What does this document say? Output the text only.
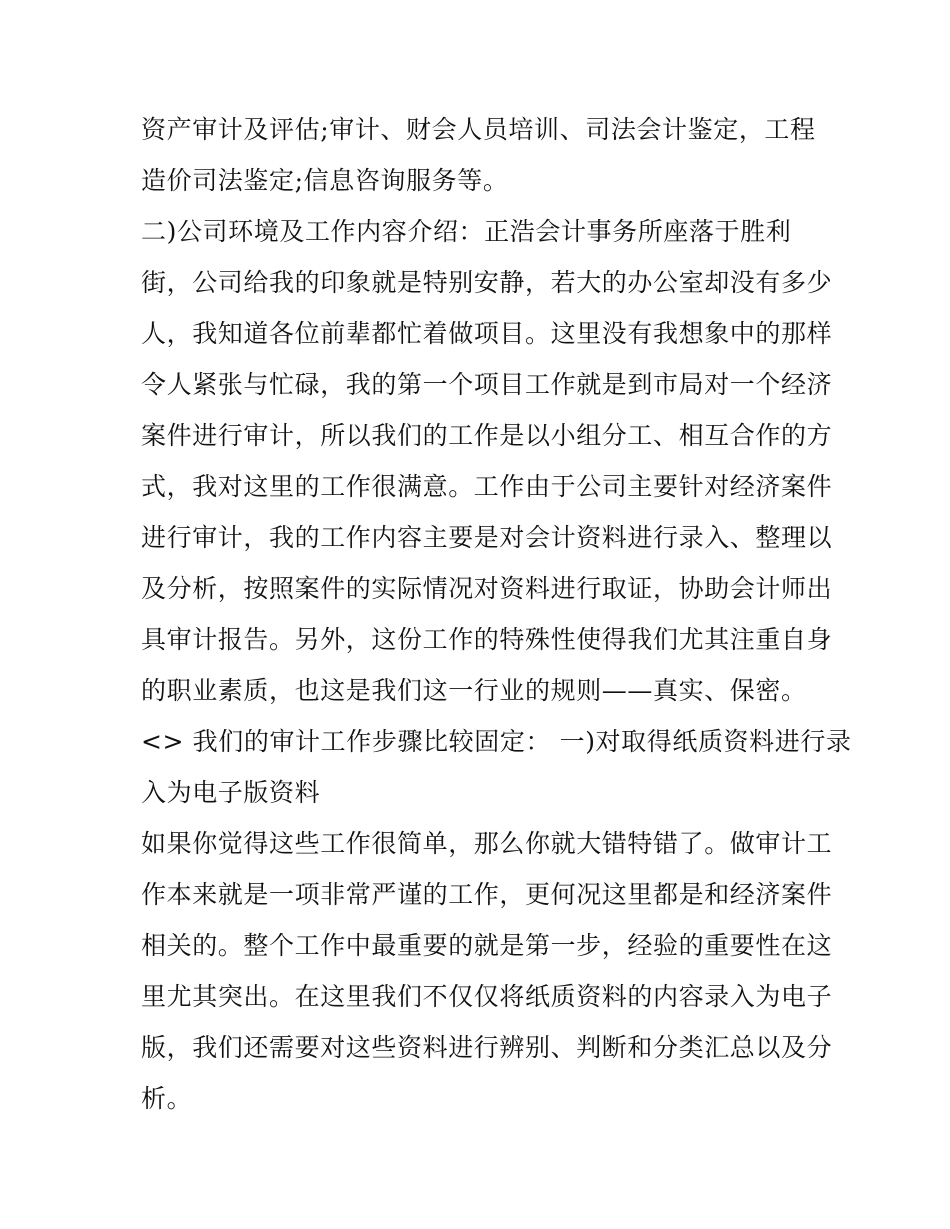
资产审计及评估;审计、财会人员培训、司法会计鉴定，工程
造价司法鉴定;信息咨询服务等。
二)公司环境及工作内容介绍：正浩会计事务所座落于胜利
街，公司给我的印象就是特别安静，若大的办公室却没有多少
人，我知道各位前辈都忙着做项目。这里没有我想象中的那样
令人紧张与忙碌，我的第一个项目工作就是到市局对一个经济
案件进行审计，所以我们的工作是以小组分工、相互合作的方
式，我对这里的工作很满意。工作由于公司主要针对经济案件
进行审计，我的工作内容主要是对会计资料进行录入、整理以
及分析，按照案件的实际情况对资料进行取证，协助会计师出
具审计报告。另外，这份工作的特殊性使得我们尤其注重自身
的职业素质，也这是我们这一行业的规则——真实、保密。
<> 我们的审计工作步骤比较固定： 一)对取得纸质资料进行录
入为电子版资料
如果你觉得这些工作很简单，那么你就大错特错了。做审计工
作本来就是一项非常严谨的工作，更何况这里都是和经济案件
相关的。整个工作中最重要的就是第一步，经验的重要性在这
里尤其突出。在这里我们不仅仅将纸质资料的内容录入为电子
版，我们还需要对这些资料进行辨别、判断和分类汇总以及分
析。
